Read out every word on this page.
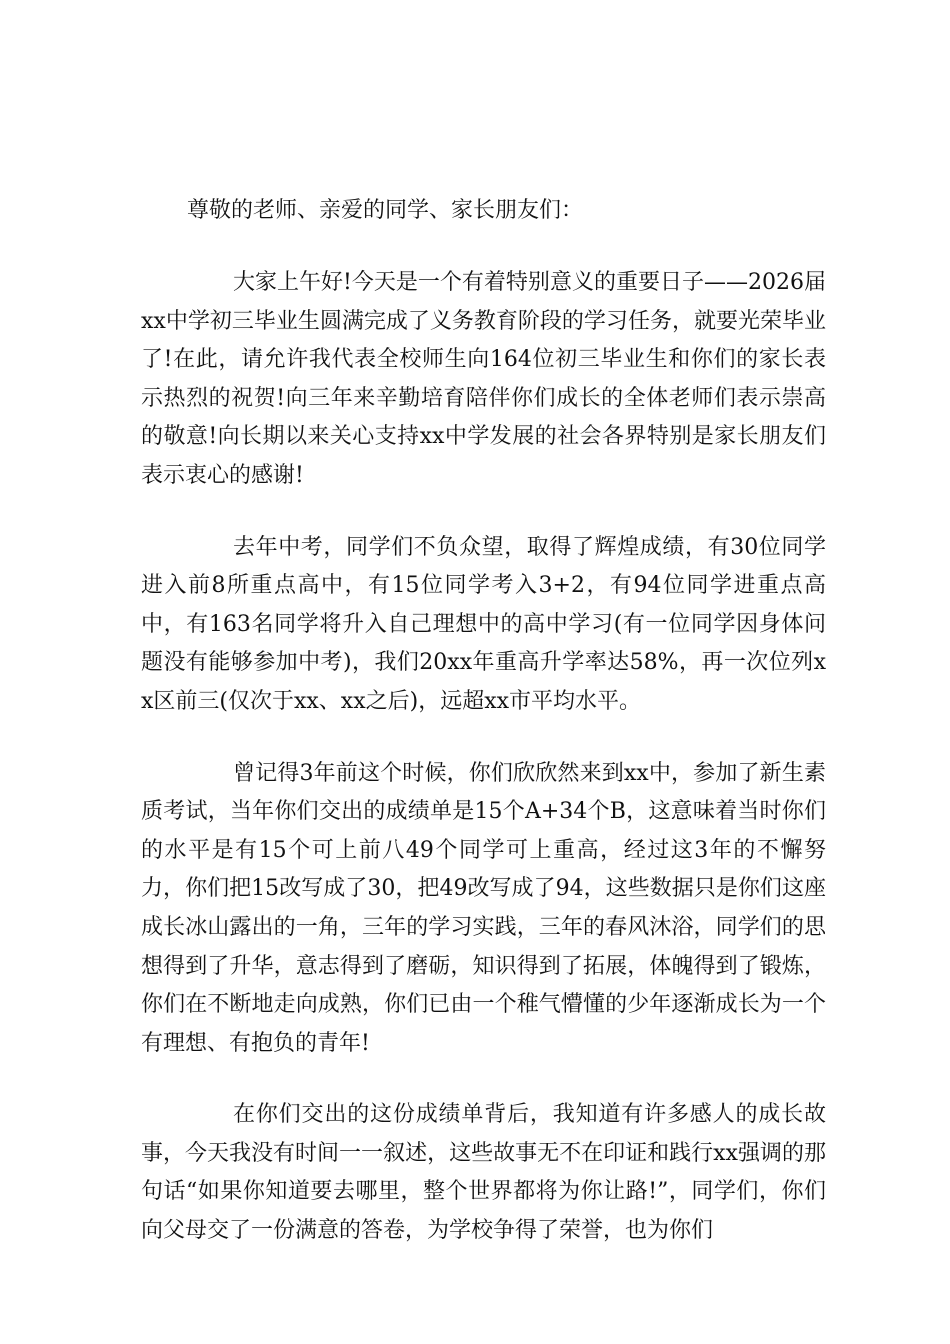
尊敬的老师、亲爱的同学、家长朋友们：

大家上午好!今天是一个有着特别意义的重要日子——2026届xx中学初三毕业生圆满完成了义务教育阶段的学习任务，就要光荣毕业了!在此，请允许我代表全校师生向164位初三毕业生和你们的家长表示热烈的祝贺!向三年来辛勤培育陪伴你们成长的全体老师们表示崇高的敬意!向长期以来关心支持xx中学发展的社会各界特别是家长朋友们表示衷心的感谢!

去年中考，同学们不负众望，取得了辉煌成绩，有30位同学进入前8所重点高中，有15位同学考入3+2，有94位同学进重点高中，有163名同学将升入自己理想中的高中学习(有一位同学因身体问题没有能够参加中考)，我们20xx年重高升学率达58%，再一次位列xx区前三(仅次于xx、xx之后)，远超xx市平均水平。

曾记得3年前这个时候，你们欣欣然来到xx中，参加了新生素质考试，当年你们交出的成绩单是15个A+34个B，这意味着当时你们的水平是有15个可上前八49个同学可上重高，经过这3年的不懈努力，你们把15改写成了30，把49改写成了94，这些数据只是你们这座成长冰山露出的一角，三年的学习实践，三年的春风沐浴，同学们的思想得到了升华，意志得到了磨砺，知识得到了拓展，体魄得到了锻炼，你们在不断地走向成熟，你们已由一个稚气懵懂的少年逐渐成长为一个有理想、有抱负的青年!

在你们交出的这份成绩单背后，我知道有许多感人的成长故事，今天我没有时间一一叙述，这些故事无不在印证和践行xx强调的那句话“如果你知道要去哪里，整个世界都将为你让路!”，同学们，你们向父母交了一份满意的答卷，为学校争得了荣誉，也为你们
